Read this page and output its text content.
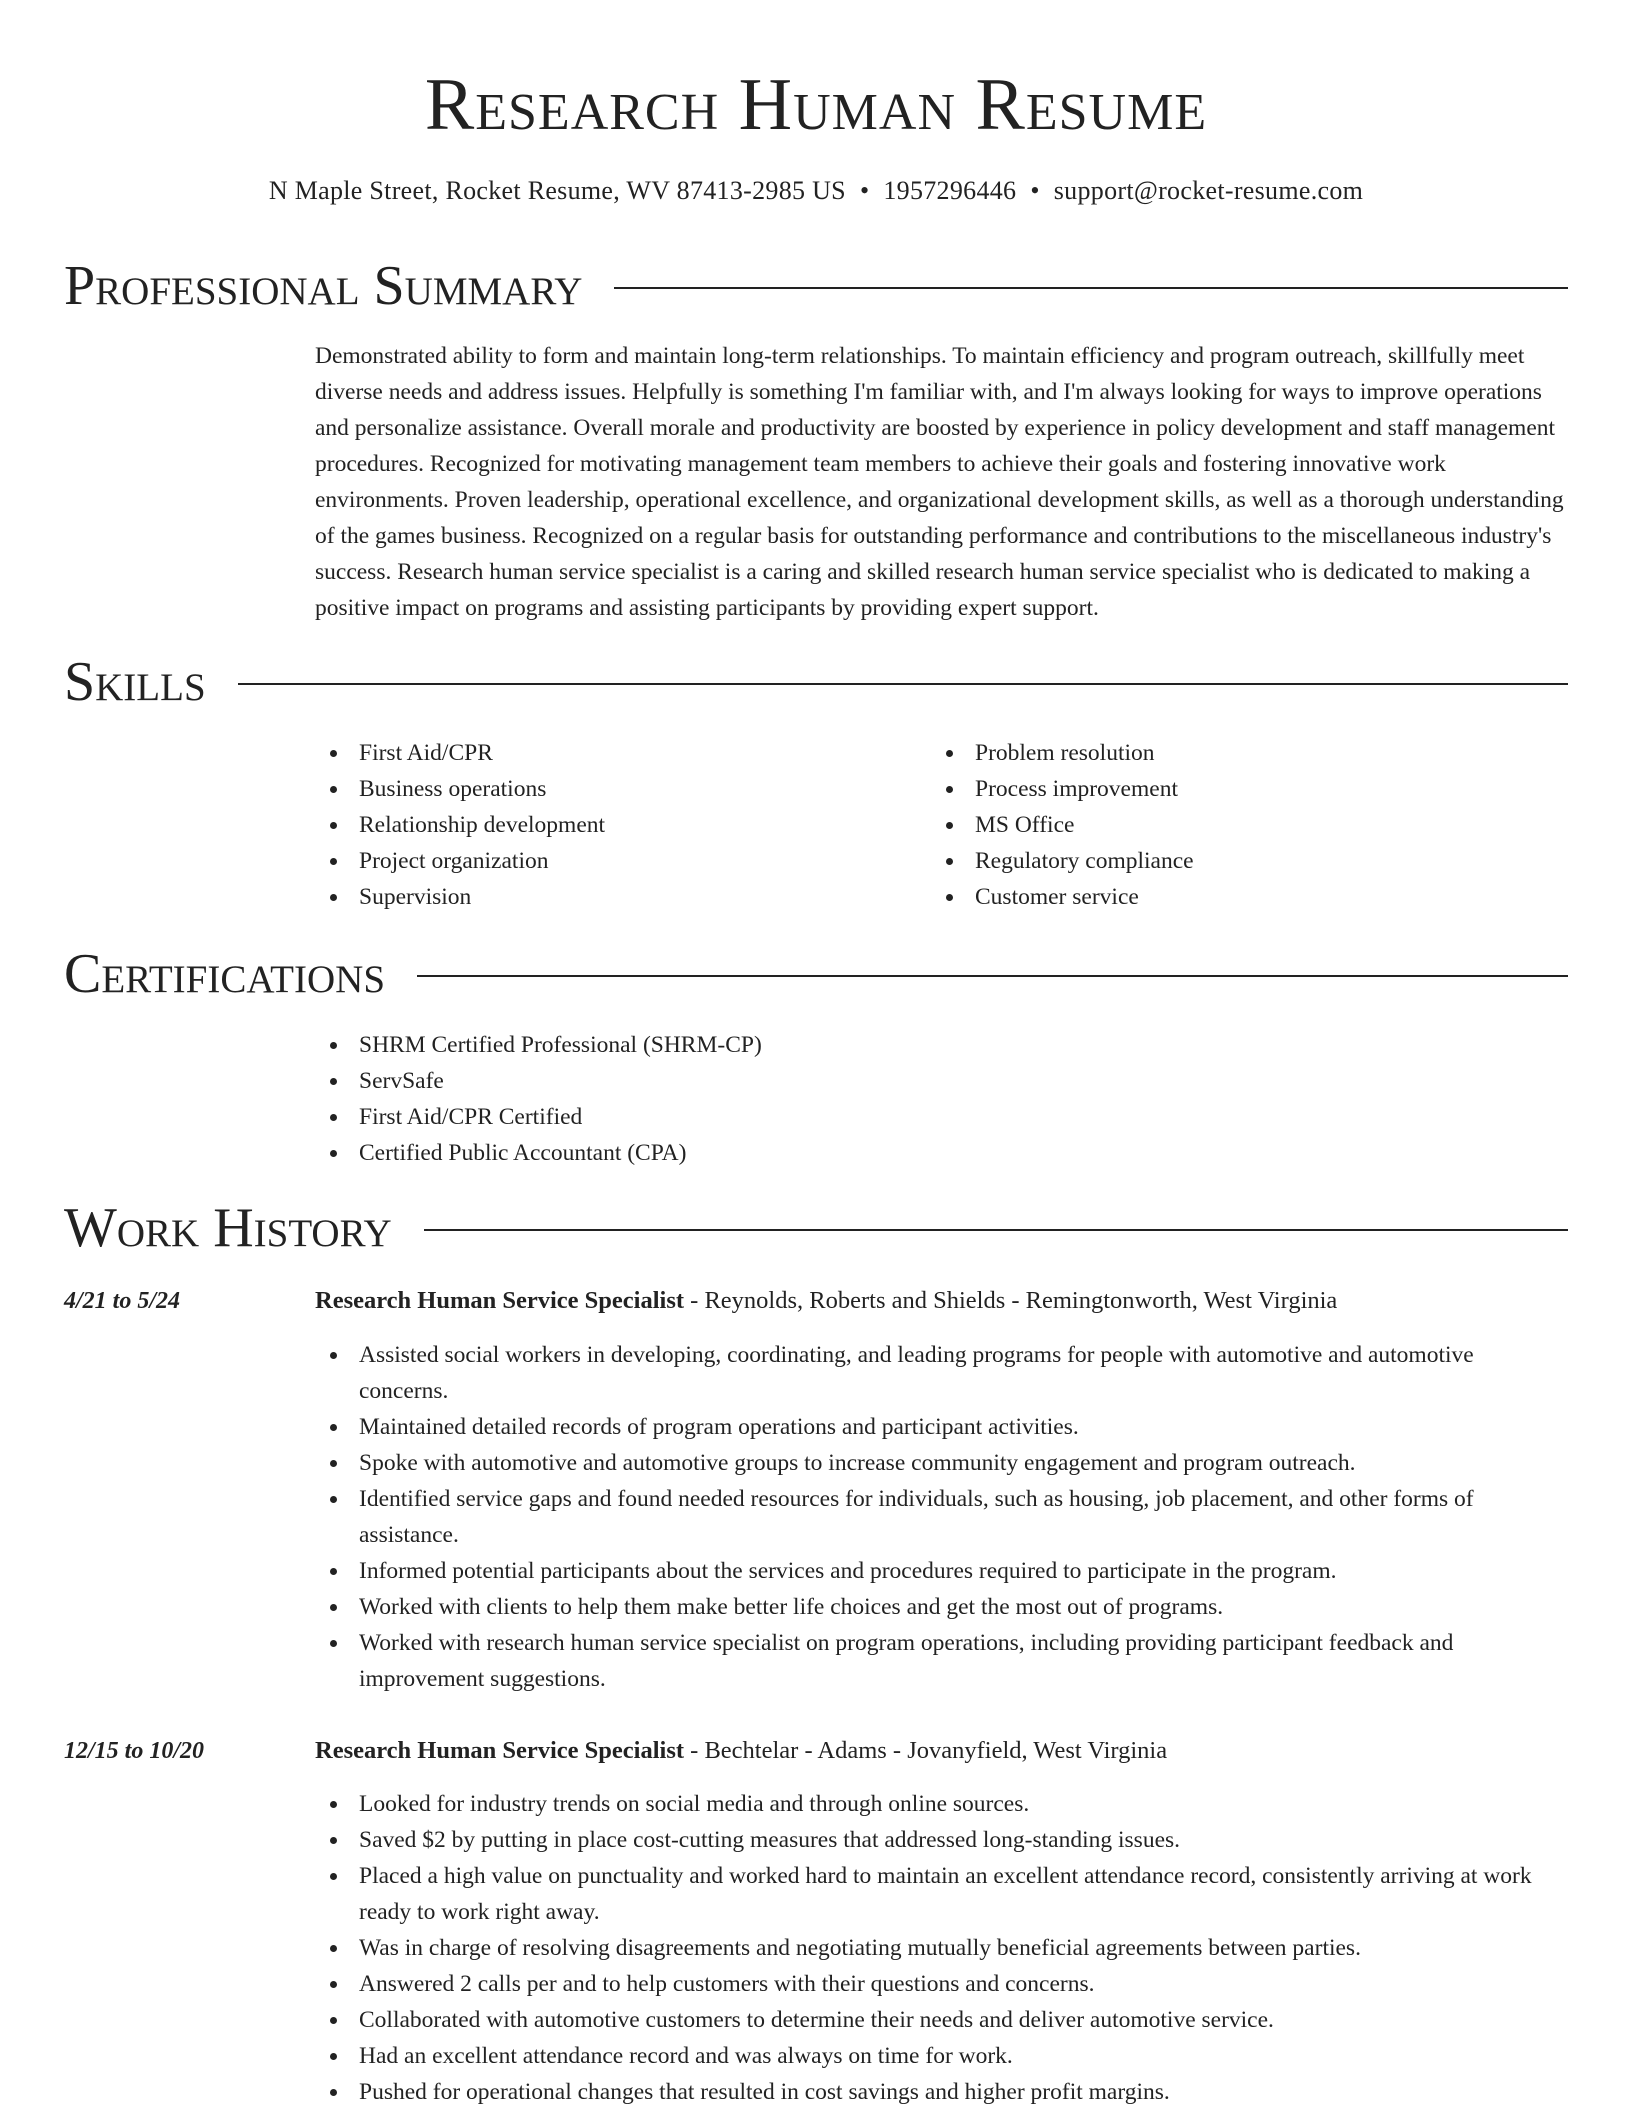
Research Human Resume
N Maple Street, Rocket Resume, WV 87413-2985 US • 1957296446 • support@rocket-resume.com
Professional Summary

Demonstrated ability to form and maintain long-term relationships. To maintain efficiency and program outreach, skillfully meet diverse needs and address issues. Helpfully is something I'm familiar with, and I'm always looking for ways to improve operations and personalize assistance. Overall morale and productivity are boosted by experience in policy development and staff management procedures. Recognized for motivating management team members to achieve their goals and fostering innovative work environments. Proven leadership, operational excellence, and organizational development skills, as well as a thorough understanding of the games business. Recognized on a regular basis for outstanding performance and contributions to the miscellaneous industry's success. Research human service specialist is a caring and skilled research human service specialist who is dedicated to making a positive impact on programs and assisting participants by providing expert support.

Skills
First Aid/CPR
Business operations
Relationship development
Project organization
Supervision
Problem resolution
Process improvement
MS Office
Regulatory compliance
Customer service
Certifications
SHRM Certified Professional (SHRM-CP)
ServSafe
First Aid/CPR Certified
Certified Public Accountant (CPA)
Work History
4/21 to 5/24	Research Human Service Specialist - Reynolds, Roberts and Shields - Remingtonworth, West Virginia
Assisted social workers in developing, coordinating, and leading programs for people with automotive and automotive concerns.
Maintained detailed records of program operations and participant activities.
Spoke with automotive and automotive groups to increase community engagement and program outreach.
Identified service gaps and found needed resources for individuals, such as housing, job placement, and other forms of assistance.
Informed potential participants about the services and procedures required to participate in the program.
Worked with clients to help them make better life choices and get the most out of programs.
Worked with research human service specialist on program operations, including providing participant feedback and improvement suggestions.
12/15 to 10/20	Research Human Service Specialist - Bechtelar - Adams - Jovanyfield, West Virginia
Looked for industry trends on social media and through online sources.
Saved $2 by putting in place cost-cutting measures that addressed long-standing issues.
Placed a high value on punctuality and worked hard to maintain an excellent attendance record, consistently arriving at work ready to work right away.
Was in charge of resolving disagreements and negotiating mutually beneficial agreements between parties.
Answered 2 calls per and to help customers with their questions and concerns.
Collaborated with automotive customers to determine their needs and deliver automotive service.
Had an excellent attendance record and was always on time for work.
Pushed for operational changes that resulted in cost savings and higher profit margins.
